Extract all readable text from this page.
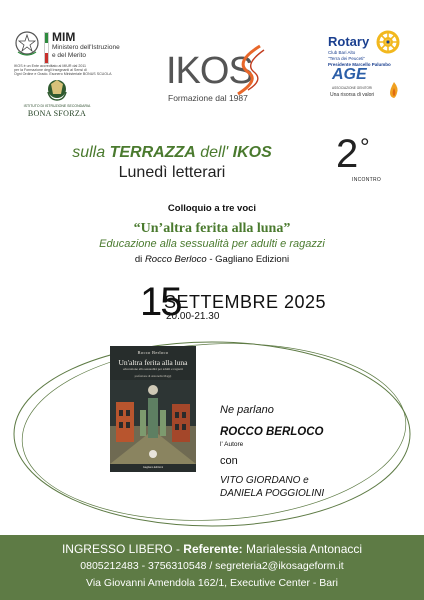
MIM
Ministero dell'Istruzione
e del Merito
IKOS è un Ente accreditato al MIUR dal 2011
per la Formazione degli Insegnanti ai Sensi di
Ogni Ordine e Grado. Esonero Ministeriale BONUS SCUOLA
ISTITUTO DI ISTRUZIONE SECONDARIA
BONA SFORZA
IKOS
Formazione dal 1987
Rotary
Club Bari Alto
"Terra dei Peuceti"
Presidente Marcello Palumbo
AGE
ASSOCIAZIONE GENITORI
Una risorsa di valori
sulla TERRAZZA dell' IKOS
Lunedì letterari	2 °
INCONTRO
Colloquio a tre voci
“Un’altra ferita alla luna”
Educazione alla sessualità per adulti e ragazzi
di Rocco Berloco - Gagliano Edizioni
15
SETTEMBRE 2025
20.00-21.30
Rocco Berloco
Un'altra ferita alla luna
educazione alla sessualità per adulti e ragazzi
prefazione di Antonella Maggi
Gagliano Edizioni
Ne parlano
ROCCO BERLOCO
l' Autore
con
VITO GIORDANO e
DANIELA POGGIOLINI
INGRESSO LIBERO - Referente: Marialessia Antonacci
0805212483 - 3756310548 / segreteria2@ikosageform.it
Via Giovanni Amendola 162/1, Executive Center - Bari
